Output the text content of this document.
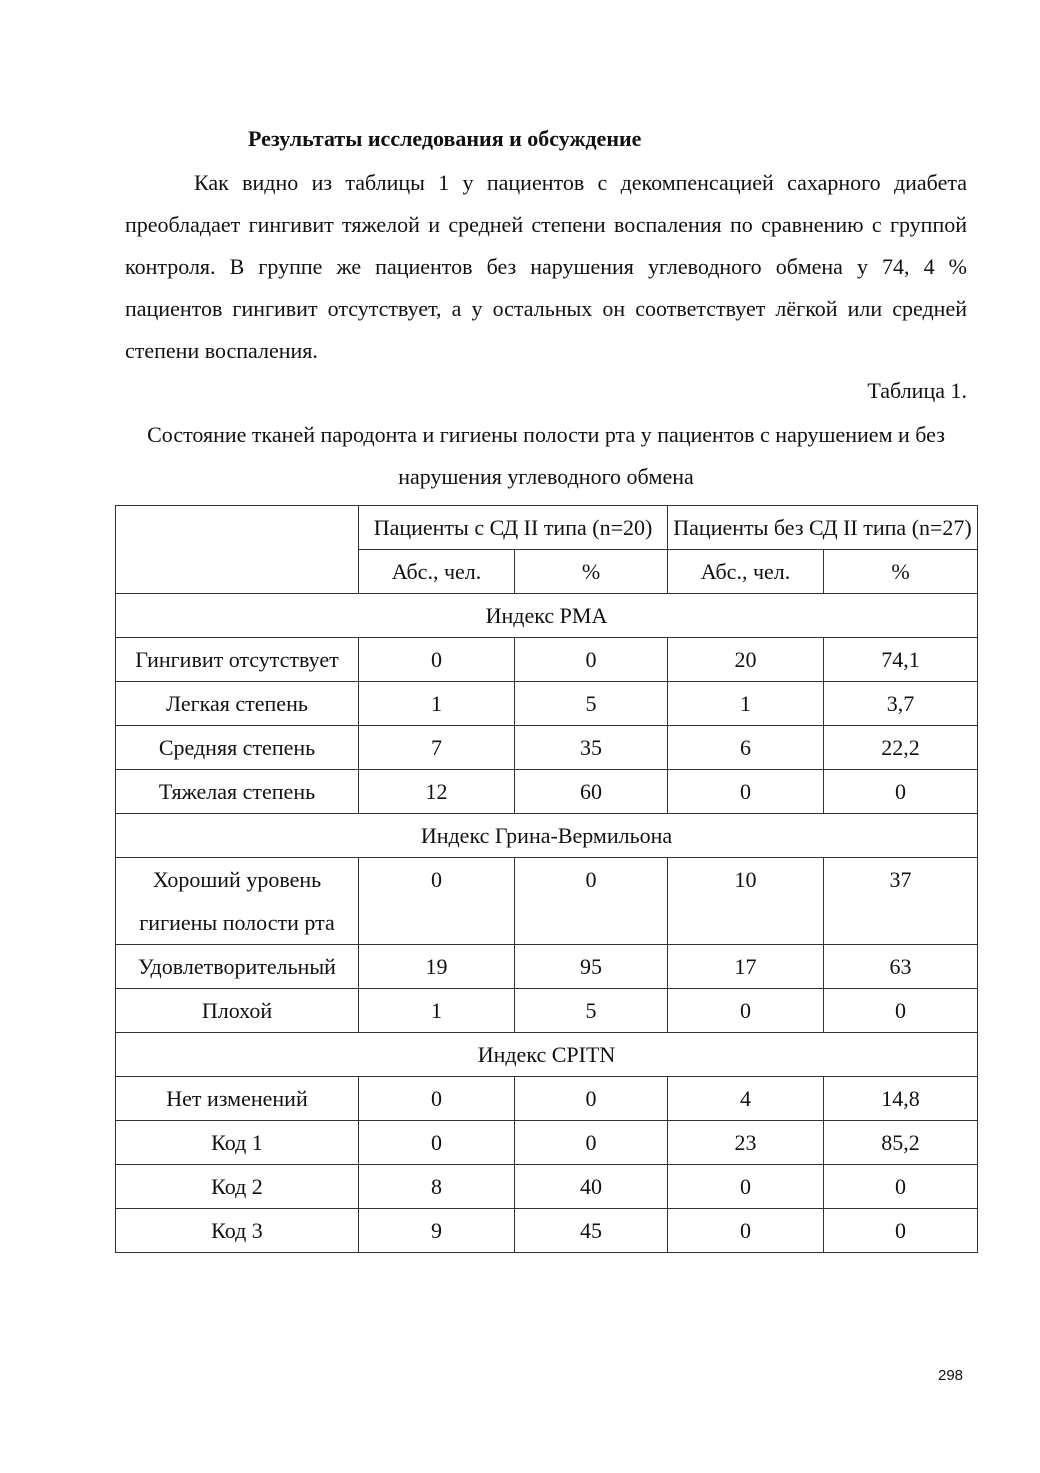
Результаты исследования и обсуждение

Как видно из таблицы 1 у пациентов с декомпенсацией сахарного диабета преобладает гингивит тяжелой и средней степени воспаления по сравнению с группой контроля. В группе же пациентов без нарушения углеводного обмена у 74, 4 % пациентов гингивит отсутствует, а у остальных он соответствует лёгкой или средней степени воспаления.

Таблица 1.

Состояние тканей пародонта и гигиены полости рта у пациентов с нарушением и без нарушения углеводного обмена

	Пациенты с СД II типа (n=20)		Пациенты без СД II типа (n=27)	
	Абс., чел.	%	Абс., чел.	%
Индекс PMA				
Гингивит отсутствует	0	0	20	74,1
Легкая степень	1	5	1	3,7
Средняя степень	7	35	6	22,2
Тяжелая степень	12	60	0	0
Индекс Грина-Вермильона				
Хороший уровень гигиены полости рта	0	0	10	37
Удовлетворительный	19	95	17	63
Плохой	1	5	0	0
Индекс CPITN				
Нет изменений	0	0	4	14,8
Код 1	0	0	23	85,2
Код 2	8	40	0	0
Код 3	9	45	0	0

298
